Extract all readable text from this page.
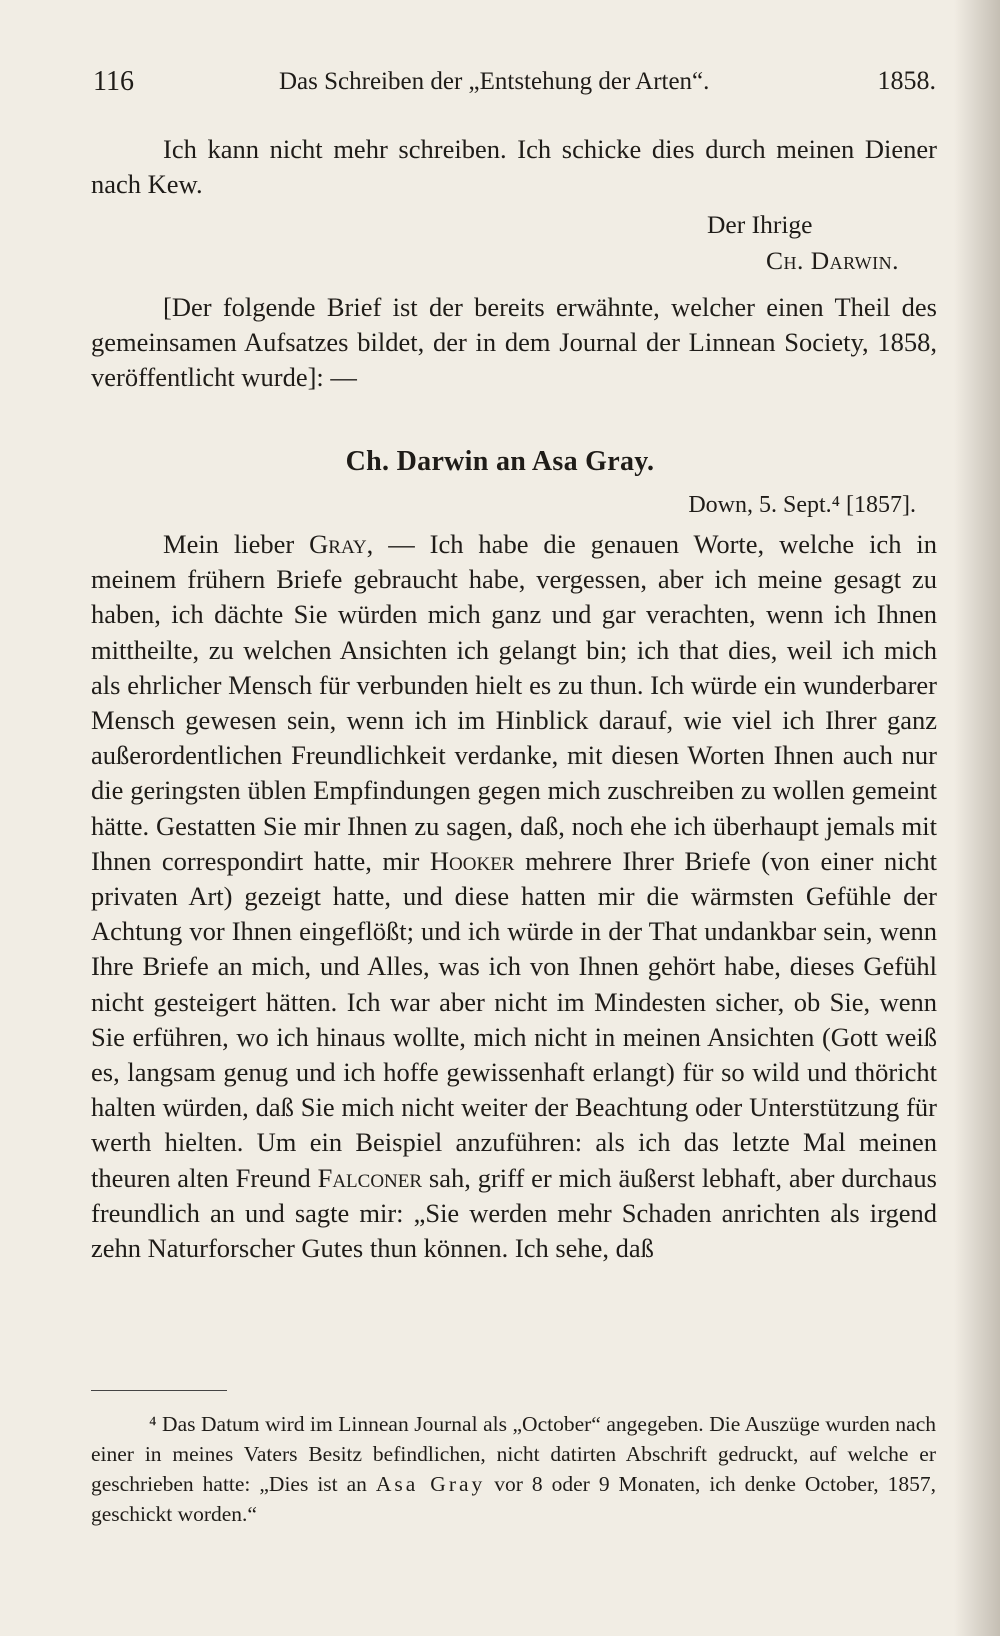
116	Das Schreiben der „Entstehung der Arten“.	1858.

Ich kann nicht mehr schreiben. Ich schicke dies durch meinen Diener nach Kew.

Der Ihrige
Ch. Darwin.

[Der folgende Brief ist der bereits erwähnte, welcher einen Theil des gemeinsamen Aufsatzes bildet, der in dem Journal der Linnean Society, 1858, veröffentlicht wurde]: —

Ch. Darwin an Asa Gray.
Down, 5. Sept.⁴ [1857].

Mein lieber Gray, — Ich habe die genauen Worte, welche ich in meinem frühern Briefe gebraucht habe, vergessen, aber ich meine gesagt zu haben, ich dächte Sie würden mich ganz und gar verachten, wenn ich Ihnen mittheilte, zu welchen Ansichten ich gelangt bin; ich that dies, weil ich mich als ehrlicher Mensch für verbunden hielt es zu thun. Ich würde ein wunderbarer Mensch gewesen sein, wenn ich im Hinblick darauf, wie viel ich Ihrer ganz außerordentlichen Freundlichkeit verdanke, mit diesen Worten Ihnen auch nur die geringsten üblen Empfindungen gegen mich zuschreiben zu wollen gemeint hätte. Gestatten Sie mir Ihnen zu sagen, daß, noch ehe ich überhaupt jemals mit Ihnen correspondirt hatte, mir Hooker mehrere Ihrer Briefe (von einer nicht privaten Art) gezeigt hatte, und diese hatten mir die wärmsten Gefühle der Achtung vor Ihnen eingeflößt; und ich würde in der That undankbar sein, wenn Ihre Briefe an mich, und Alles, was ich von Ihnen gehört habe, dieses Gefühl nicht gesteigert hätten. Ich war aber nicht im Mindesten sicher, ob Sie, wenn Sie erführen, wo ich hinaus wollte, mich nicht in meinen Ansichten (Gott weiß es, langsam genug und ich hoffe gewissenhaft erlangt) für so wild und thöricht halten würden, daß Sie mich nicht weiter der Beachtung oder Unterstützung für werth hielten. Um ein Beispiel anzuführen: als ich das letzte Mal meinen theuren alten Freund Falconer sah, griff er mich äußerst lebhaft, aber durchaus freundlich an und sagte mir: „Sie werden mehr Schaden anrichten als irgend zehn Naturforscher Gutes thun können. Ich sehe, daß

⁴ Das Datum wird im Linnean Journal als „October“ angegeben. Die Auszüge wurden nach einer in meines Vaters Besitz befindlichen, nicht datirten Abschrift gedruckt, auf welche er geschrieben hatte: „Dies ist an Asa Gray vor 8 oder 9 Monaten, ich denke October, 1857, geschickt worden.“
